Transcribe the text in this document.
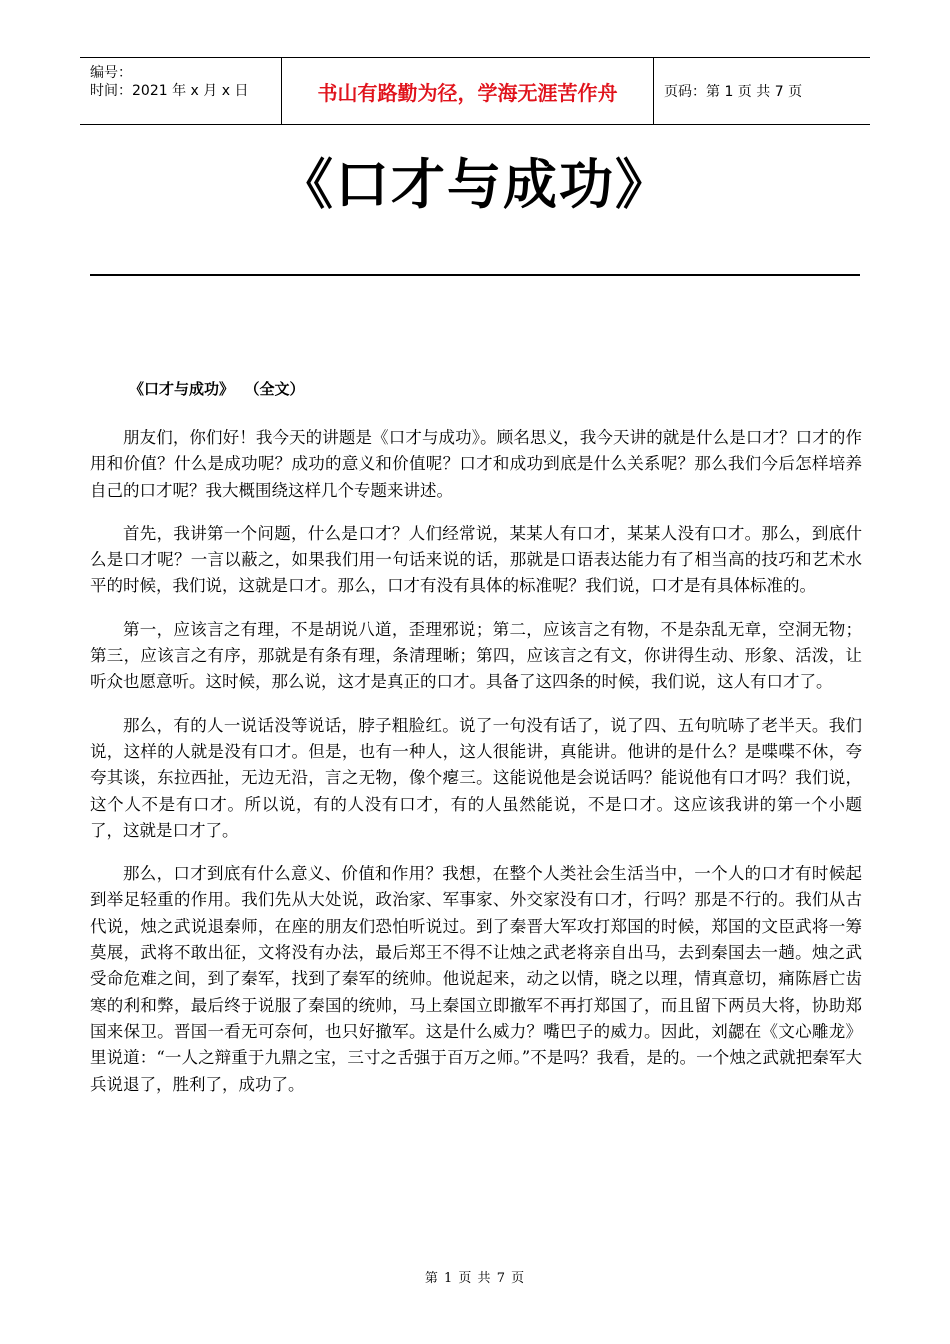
编号：
时间：2021 年 x 月 x 日	书山有路勤为径，学海无涯苦作舟	页码：第 1 页 共 7 页
《口才与成功》
《口才与成功》  （全文）

朋友们，你们好！我今天的讲题是《口才与成功》。顾名思义，我今天讲的就是什么是口才？口才的作用和价值？什么是成功呢？成功的意义和价值呢？口才和成功到底是什么关系呢？那么我们今后怎样培养自己的口才呢？我大概围绕这样几个专题来讲述。

首先，我讲第一个问题，什么是口才？人们经常说，某某人有口才，某某人没有口才。那么，到底什么是口才呢？一言以蔽之，如果我们用一句话来说的话，那就是口语表达能力有了相当高的技巧和艺术水平的时候，我们说，这就是口才。那么，口才有没有具体的标准呢？我们说，口才是有具体标准的。

第一，应该言之有理，不是胡说八道，歪理邪说；第二，应该言之有物，不是杂乱无章，空洞无物；第三，应该言之有序，那就是有条有理，条清理晰；第四，应该言之有文，你讲得生动、形象、活泼，让听众也愿意听。这时候，那么说，这才是真正的口才。具备了这四条的时候，我们说，这人有口才了。

那么，有的人一说话没等说话，脖子粗脸红。说了一句没有话了，说了四、五句吭哧了老半天。我们说，这样的人就是没有口才。但是，也有一种人，这人很能讲，真能讲。他讲的是什么？是喋喋不休，夸夸其谈，东拉西扯，无边无沿，言之无物，像个瘪三。这能说他是会说话吗？能说他有口才吗？我们说，这个人不是有口才。所以说，有的人没有口才，有的人虽然能说，不是口才。这应该我讲的第一个小题了，这就是口才了。

那么，口才到底有什么意义、价值和作用？我想，在整个人类社会生活当中，一个人的口才有时候起到举足轻重的作用。我们先从大处说，政治家、军事家、外交家没有口才，行吗？那是不行的。我们从古代说，烛之武说退秦师，在座的朋友们恐怕听说过。到了秦晋大军攻打郑国的时候，郑国的文臣武将一筹莫展，武将不敢出征，文将没有办法，最后郑王不得不让烛之武老将亲自出马，去到秦国去一趟。烛之武受命危难之间，到了秦军，找到了秦军的统帅。他说起来，动之以情，晓之以理，情真意切，痛陈唇亡齿寒的利和弊，最后终于说服了秦国的统帅，马上秦国立即撤军不再打郑国了，而且留下两员大将，协助郑国来保卫。晋国一看无可奈何，也只好撤军。这是什么威力？嘴巴子的威力。因此，刘勰在《文心雕龙》里说道：“一人之辩重于九鼎之宝，三寸之舌强于百万之师。”不是吗？我看，是的。一个烛之武就把秦军大兵说退了，胜利了，成功了。

第 1 页 共 7 页
